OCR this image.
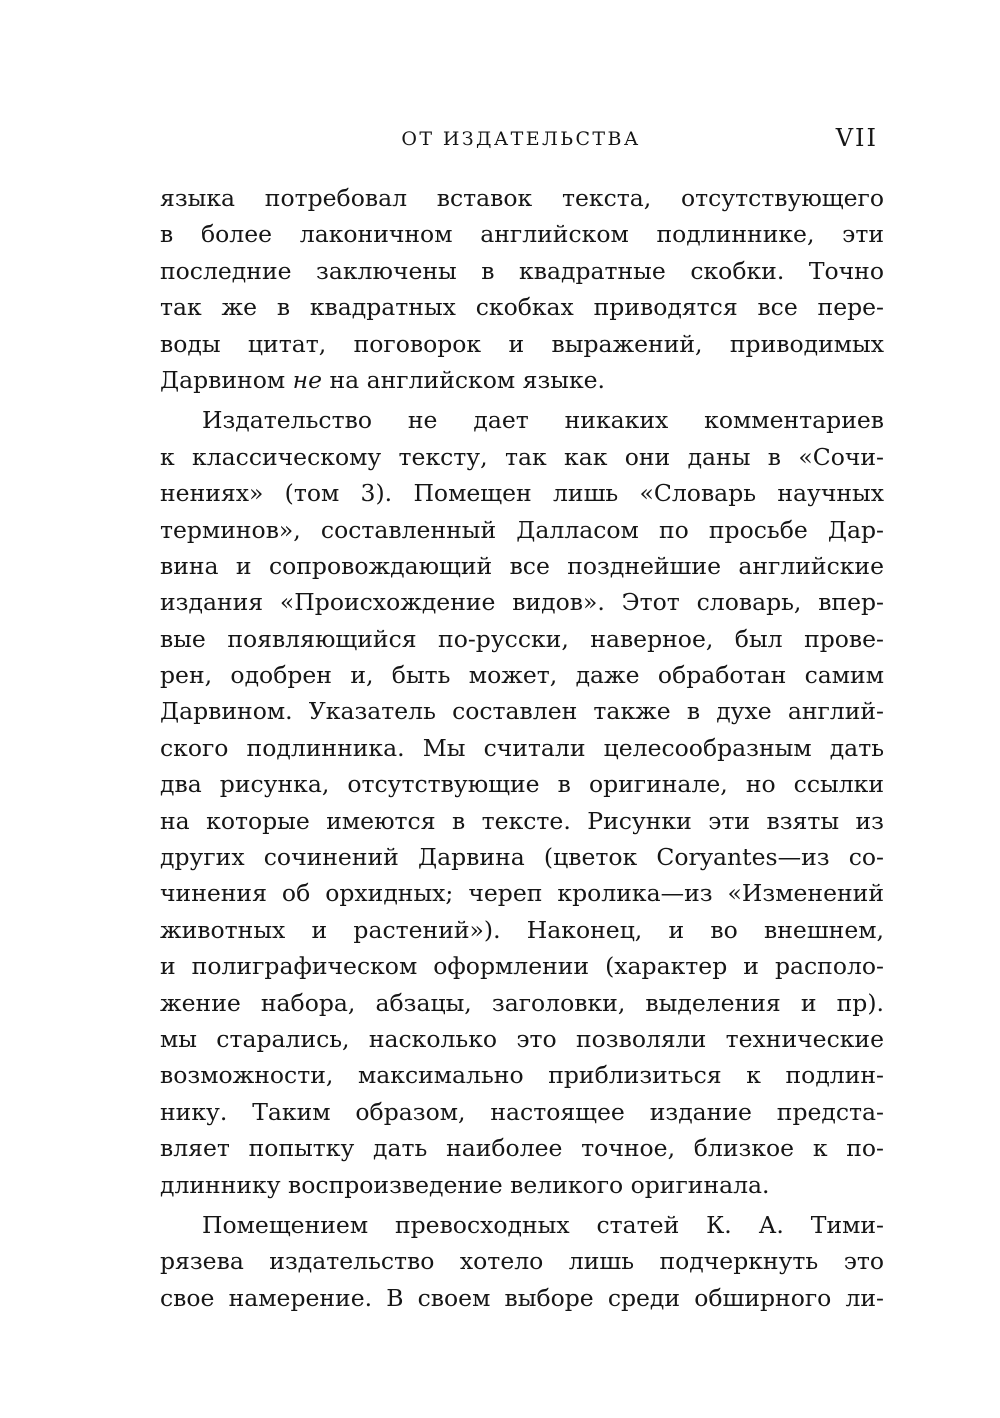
ОТ ИЗДАТЕЛЬСТВА	VII
языка потребовал вставок текста, отсутствующего
в более лаконичном английском подлиннике, эти
последние заключены в квадратные скобки. Точно
так же в квадратных скобках приводятся все пере-
воды цитат, поговорок и выражений, приводимых
Дарвином не на английском языке.
Издательство не дает никаких комментариев
к классическому тексту, так как они даны в «Сочи-
нениях» (том 3). Помещен лишь «Словарь научных
терминов», составленный Далласом по просьбе Дар-
вина и сопровождающий все позднейшие английские
издания «Происхождение видов». Этот словарь, впер-
вые появляющийся по-русски, наверное, был прове-
рен, одобрен и, быть может, даже обработан самим
Дарвином. Указатель составлен также в духе англий-
ского подлинника. Мы считали целесообразным дать
два рисунка, отсутствующие в оригинале, но ссылки
на которые имеются в тексте. Рисунки эти взяты из
других сочинений Дарвина (цветок Coryantes—из со-
чинения об орхидных; череп кролика—из «Изменений
животных и растений»). Наконец, и во внешнем,
и полиграфическом оформлении (характер и располо-
жение набора, абзацы, заголовки, выделения и пр).
мы старались, насколько это позволяли технические
возможности, максимально приблизиться к подлин-
нику. Таким образом, настоящее издание предста-
вляет попытку дать наиболее точное, близкое к по-
длиннику воспроизведение великого оригинала.
Помещением превосходных статей К. А. Тими-
рязева издательство хотело лишь подчеркнуть это
свое намерение. В своем выборе среди обширного ли-
